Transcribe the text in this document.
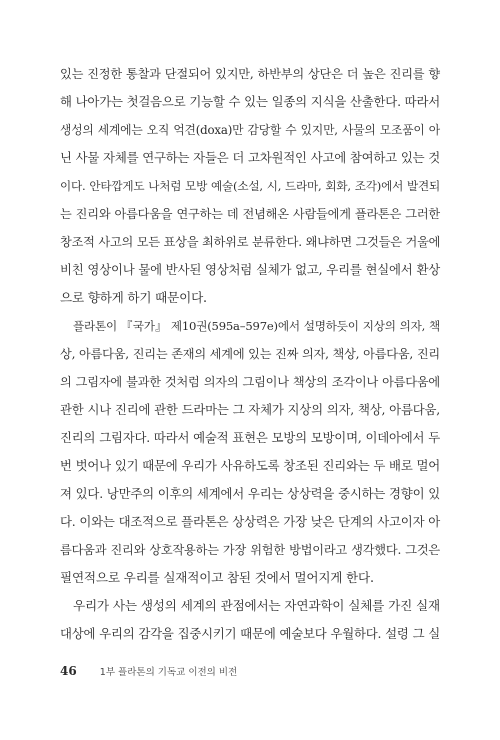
있는 진정한 통찰과 단절되어 있지만, 하반부의 상단은 더 높은 진리를 향
해 나아가는 첫걸음으로 기능할 수 있는 일종의 지식을 산출한다. 따라서
생성의 세계에는 오직 억견(doxa)만 감당할 수 있지만, 사물의 모조품이 아
닌 사물 자체를 연구하는 자들은 더 고차원적인 사고에 참여하고 있는 것
이다. 안타깝게도 나처럼 모방 예술(소설, 시, 드라마, 회화, 조각)에서 발견되
는 진리와 아름다움을 연구하는 데 전념해온 사람들에게 플라톤은 그러한
창조적 사고의 모든 표상을 최하위로 분류한다. 왜냐하면 그것들은 거울에
비친 영상이나 물에 반사된 영상처럼 실체가 없고, 우리를 현실에서 환상
으로 향하게 하기 때문이다.
플라톤이 『국가』 제10권(595a–597e)에서 설명하듯이 지상의 의자, 책
상, 아름다움, 진리는 존재의 세계에 있는 진짜 의자, 책상, 아름다움, 진리
의 그림자에 불과한 것처럼 의자의 그림이나 책상의 조각이나 아름다움에
관한 시나 진리에 관한 드라마는 그 자체가 지상의 의자, 책상, 아름다움,
진리의 그림자다. 따라서 예술적 표현은 모방의 모방이며, 이데아에서 두
번 벗어나 있기 때문에 우리가 사유하도록 창조된 진리와는 두 배로 멀어
져 있다. 낭만주의 이후의 세계에서 우리는 상상력을 중시하는 경향이 있
다. 이와는 대조적으로 플라톤은 상상력은 가장 낮은 단계의 사고이자 아
름다움과 진리와 상호작용하는 가장 위험한 방법이라고 생각했다. 그것은
필연적으로 우리를 실재적이고 참된 것에서 멀어지게 한다.
우리가 사는 생성의 세계의 관점에서는 자연과학이 실체를 가진 실재
대상에 우리의 감각을 집중시키기 때문에 예술보다 우월하다. 설령 그 실
46 1부 플라톤의 기독교 이전의 비전
